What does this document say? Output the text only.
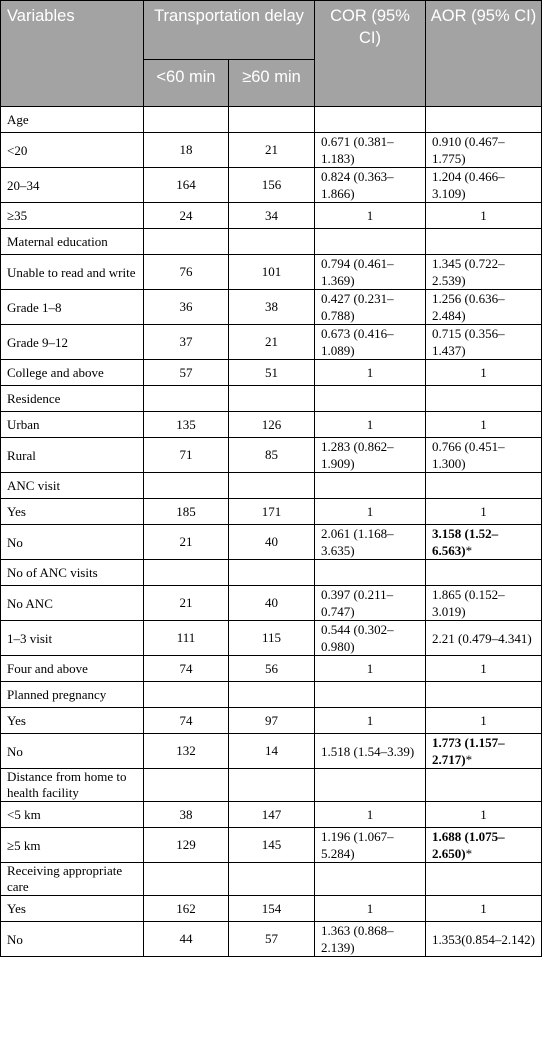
Variables	Transportation delay		COR (95% CI)	AOR (95% CI)
	<60 min	≥60 min		
Age				
<20	18	21	0.671 (0.381–1.183)	0.910 (0.467–1.775)
20–34	164	156	0.824 (0.363–1.866)	1.204 (0.466–3.109)
≥35	24	34	1	1
Maternal education				
Unable to read and write	76	101	0.794 (0.461–1.369)	1.345 (0.722–2.539)
Grade 1–8	36	38	0.427 (0.231–0.788)	1.256 (0.636–2.484)
Grade 9–12	37	21	0.673 (0.416–1.089)	0.715 (0.356–1.437)
College and above	57	51	1	1
Residence				
Urban	135	126	1	1
Rural	71	85	1.283 (0.862–1.909)	0.766 (0.451–1.300)
ANC visit				
Yes	185	171	1	1
No	21	40	2.061 (1.168–3.635)	3.158 (1.52–6.563)*
No of ANC visits				
No ANC	21	40	0.397 (0.211–0.747)	1.865 (0.152–3.019)
1–3 visit	111	115	0.544 (0.302–0.980)	2.21 (0.479–4.341)
Four and above	74	56	1	1
Planned pregnancy				
Yes	74	97	1	1
No	132	14	1.518 (1.54–3.39)	1.773 (1.157–2.717)*
Distance from home to health facility				
<5 km	38	147	1	1
≥5 km	129	145	1.196 (1.067–5.284)	1.688 (1.075–2.650)*
Receiving appropriate care				
Yes	162	154	1	1
No	44	57	1.363 (0.868–2.139)	1.353(0.854–2.142)
